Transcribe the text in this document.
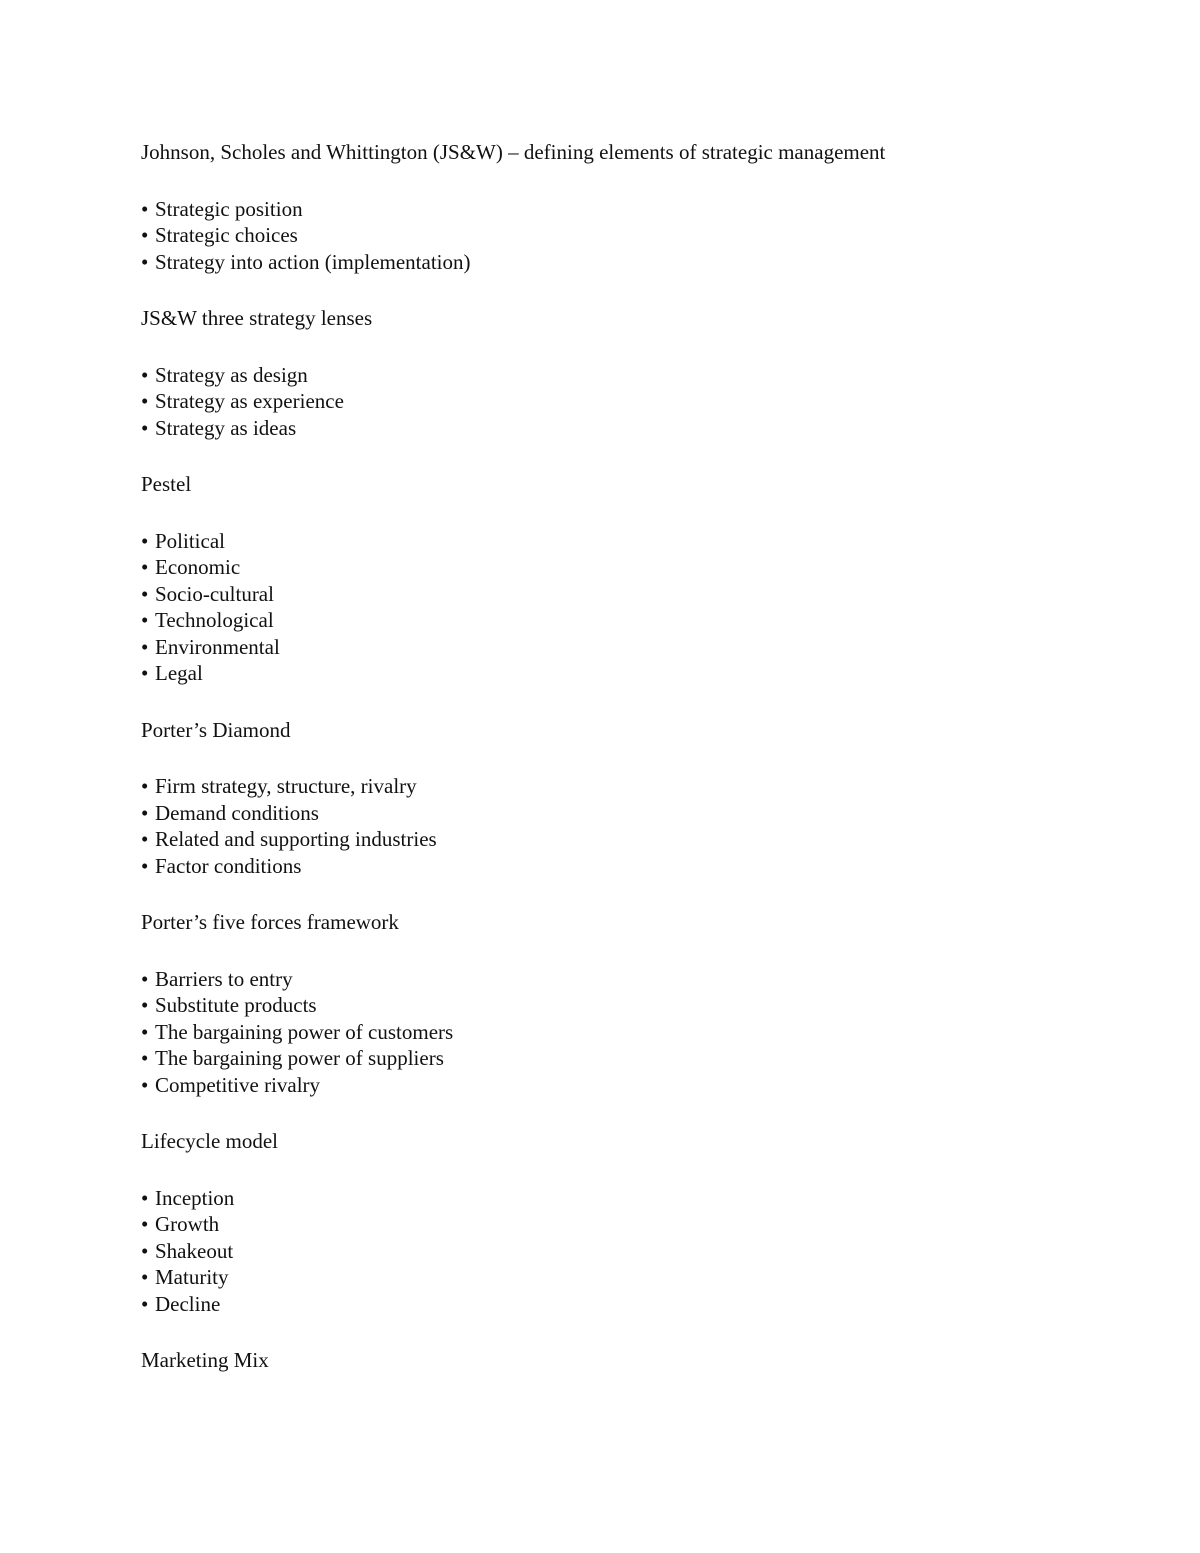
Johnson, Scholes and Whittington (JS&W) – defining elements of strategic management

• Strategic position
• Strategic choices
• Strategy into action (implementation)

JS&W three strategy lenses

• Strategy as design
• Strategy as experience
• Strategy as ideas

Pestel

• Political
• Economic
• Socio-cultural
• Technological
• Environmental
• Legal

Porter’s Diamond

• Firm strategy, structure, rivalry
• Demand conditions
• Related and supporting industries
• Factor conditions

Porter’s five forces framework

• Barriers to entry
• Substitute products
• The bargaining power of customers
• The bargaining power of suppliers
• Competitive rivalry

Lifecycle model

• Inception
• Growth
• Shakeout
• Maturity
• Decline

Marketing Mix
